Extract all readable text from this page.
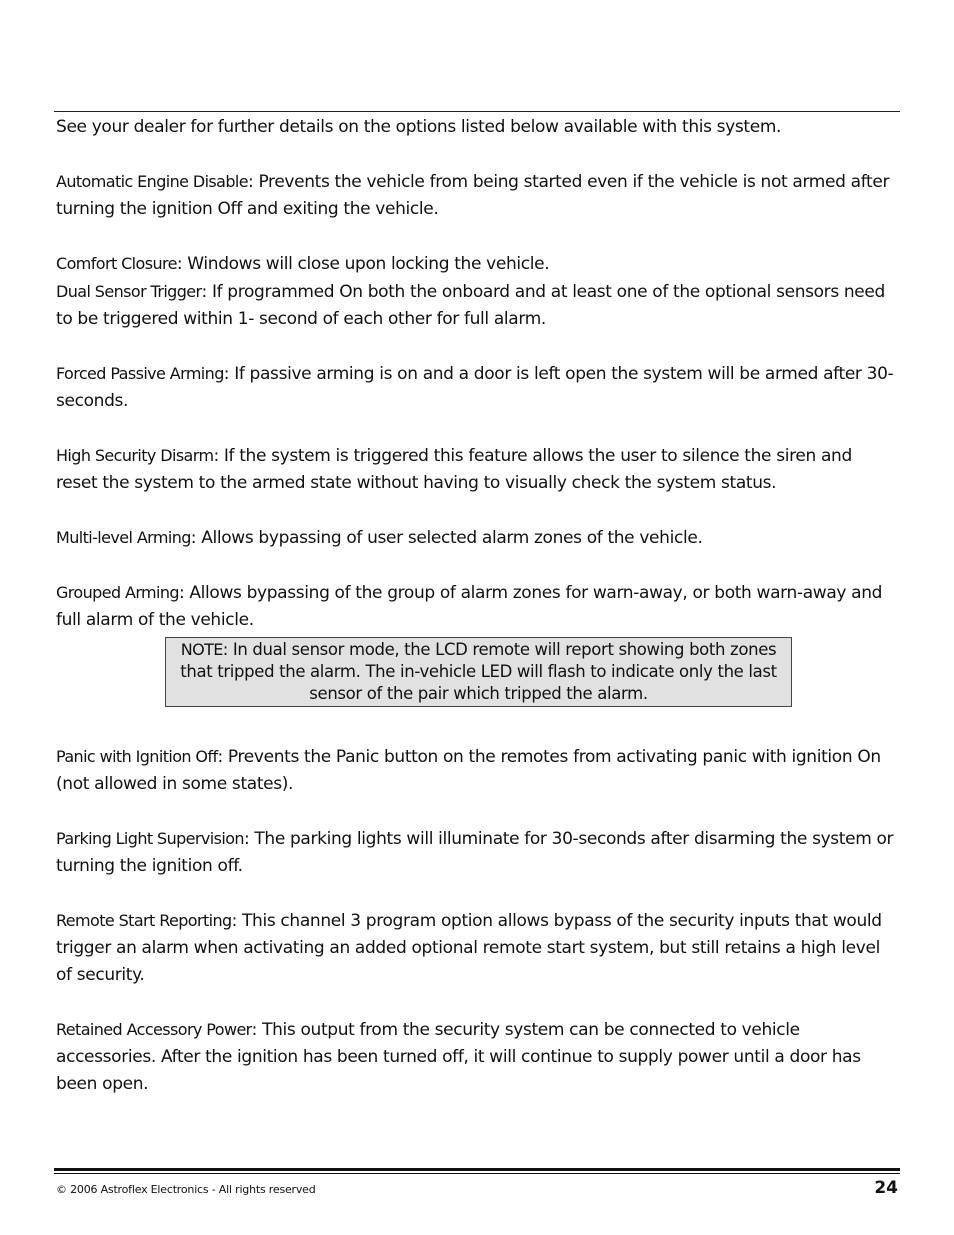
See your dealer for further details on the options listed below available with this system.

Automatic Engine Disable: Prevents the vehicle from being started even if the vehicle is not armed after turning the ignition Off and exiting the vehicle.

Comfort Closure: Windows will close upon locking the vehicle.

Dual Sensor Trigger: If programmed On both the onboard and at least one of the optional sensors need to be triggered within 1- second of each other for full alarm.

Forced Passive Arming: If passive arming is on and a door is left open the system will be armed after 30-seconds.

High Security Disarm: If the system is triggered this feature allows the user to silence the siren and reset the system to the armed state without having to visually check the system status.

Multi-level Arming: Allows bypassing of user selected alarm zones of the vehicle.

Grouped Arming: Allows bypassing of the group of alarm zones for warn-away, or both warn-away and full alarm of the vehicle.

NOTE: In dual sensor mode, the LCD remote will report showing both zones that tripped the alarm. The in-vehicle LED will flash to indicate only the last sensor of the pair which tripped the alarm.

Panic with Ignition Off: Prevents the Panic button on the remotes from activating panic with ignition On (not allowed in some states).

Parking Light Supervision: The parking lights will illuminate for 30-seconds after disarming the system or turning the ignition off.

Remote Start Reporting: This channel 3 program option allows bypass of the security inputs that would trigger an alarm when activating an added optional remote start system, but still retains a high level of security.

Retained Accessory Power: This output from the security system can be connected to vehicle accessories. After the ignition has been turned off, it will continue to supply power until a door has been open.

© 2006 Astroflex Electronics - All rights reserved	24
